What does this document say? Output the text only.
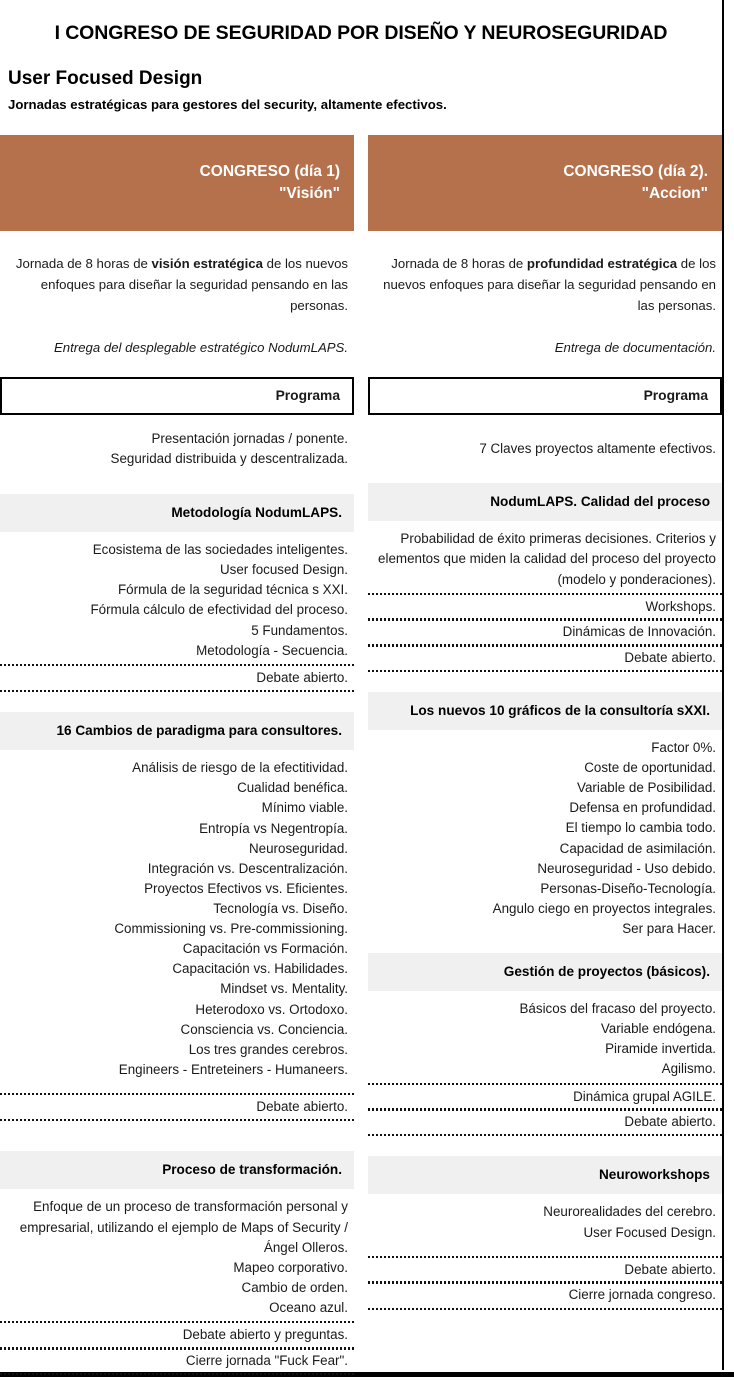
I CONGRESO DE SEGURIDAD POR DISEÑO Y NEUROSEGURIDAD
User Focused Design
Jornadas estratégicas para gestores del security, altamente efectivos.
CONGRESO (día 1)
"Visión"
Jornada de 8 horas de visión estratégica de los nuevos enfoques para diseñar la seguridad pensando en las personas.
Entrega del desplegable estratégico NodumLAPS.
Programa
Presentación jornadas / ponente.
Seguridad distribuida y descentralizada.
Metodología NodumLAPS.
Ecosistema de las sociedades inteligentes.
User focused Design.
Fórmula de la seguridad técnica s XXI.
Fórmula cálculo de efectividad del proceso.
5 Fundamentos.
Metodología - Secuencia.
Debate abierto.
16 Cambios de paradigma para consultores.
Análisis de riesgo de la efectitividad.
Cualidad benéfica.
Mínimo viable.
Entropía vs Negentropía.
Neuroseguridad.
Integración vs. Descentralización.
Proyectos Efectivos vs. Eficientes.
Tecnología vs. Diseño.
Commissioning vs. Pre-commissioning.
Capacitación vs Formación.
Capacitación vs. Habilidades.
Mindset vs. Mentality.
Heterodoxo vs. Ortodoxo.
Consciencia vs. Conciencia.
Los tres grandes cerebros.
Engineers - Entreteiners - Humaneers.
Debate abierto.
Proceso de transformación.
Enfoque de un proceso de transformación personal y empresarial, utilizando el ejemplo de Maps of Security / Ángel Olleros.
Mapeo corporativo.
Cambio de orden.
Oceano azul.
Debate abierto y preguntas.
Cierre jornada "Fuck Fear".
CONGRESO (día 2).
"Accion"
Jornada de 8 horas de profundidad estratégica de los nuevos enfoques para diseñar la seguridad pensando en las personas.
Entrega de documentación.
Programa
7 Claves proyectos altamente efectivos.
NodumLAPS. Calidad del proceso
Probabilidad de éxito primeras decisiones. Criterios y elementos que miden la calidad del proceso del proyecto (modelo y ponderaciones).
Workshops.
Dinámicas de Innovación.
Debate abierto.
Los nuevos 10 gráficos de la consultoría sXXI.
Factor 0%.
Coste de oportunidad.
Variable de Posibilidad.
Defensa en profundidad.
El tiempo lo cambia todo.
Capacidad de asimilación.
Neuroseguridad - Uso debido.
Personas-Diseño-Tecnología.
Angulo ciego en proyectos integrales.
Ser para Hacer.
Gestión de proyectos (básicos).
Básicos del fracaso del proyecto.
Variable endógena.
Piramide invertida.
Agilismo.
Dinámica grupal AGILE.
Debate abierto.
Neuroworkshops
Neurorealidades del cerebro.
User Focused Design.
Debate abierto.
Cierre jornada congreso.
